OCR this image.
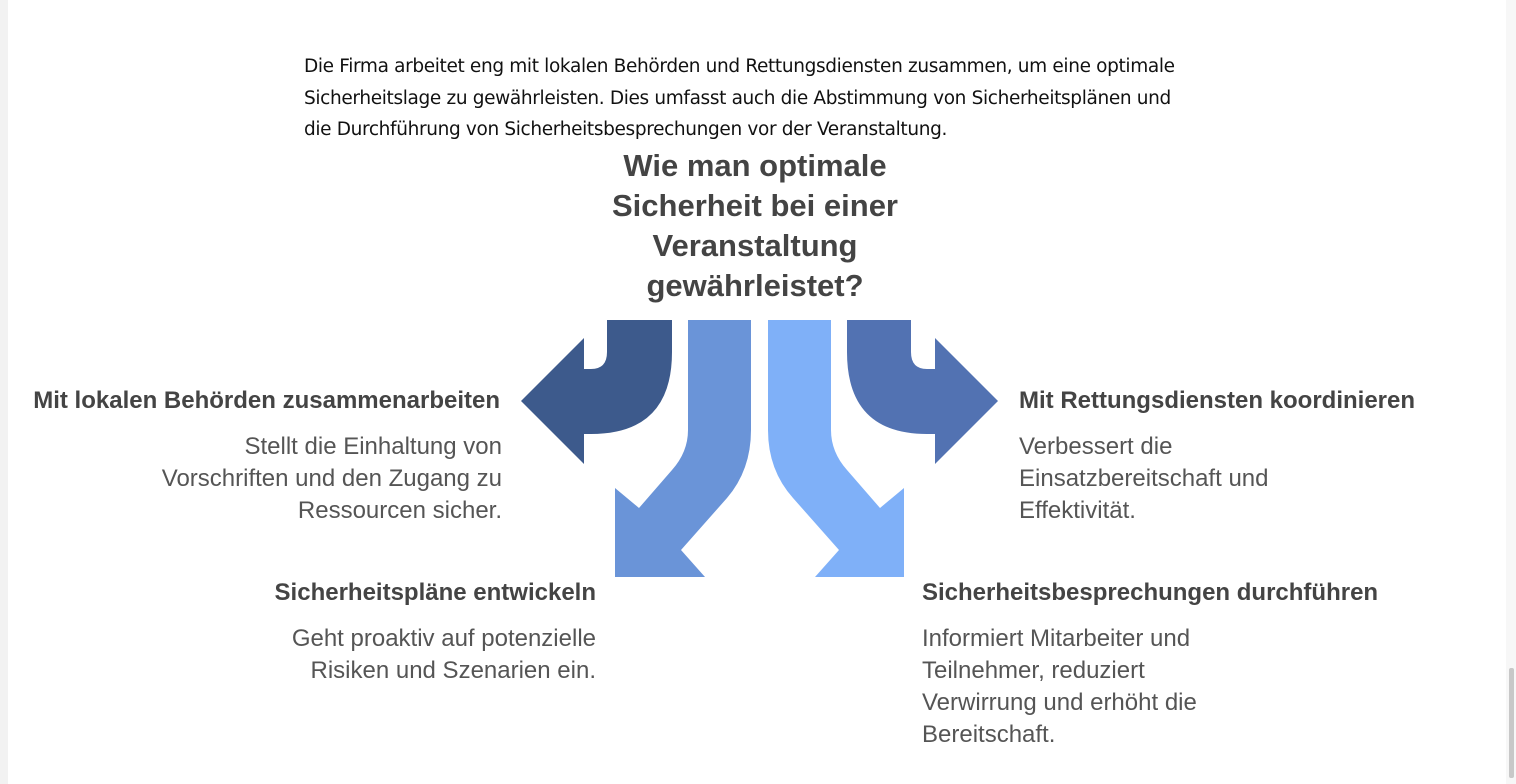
Die Firma arbeitet eng mit lokalen Behörden und Rettungsdiensten zusammen, um eine optimale Sicherheitslage zu gewährleisten. Dies umfasst auch die Abstimmung von Sicherheitsplänen und die Durchführung von Sicherheitsbesprechungen vor der Veranstaltung.

Wie man optimale
Sicherheit bei einer
Veranstaltung
gewährleistet?
Mit lokalen Behörden zusammenarbeiten
Stellt die Einhaltung von Vorschriften und den Zugang zu Ressourcen sicher.
Mit Rettungsdiensten koordinieren
Verbessert die Einsatzbereitschaft und Effektivität.
Sicherheitspläne entwickeln
Geht proaktiv auf potenzielle Risiken und Szenarien ein.
Sicherheitsbesprechungen durchführen
Informiert Mitarbeiter und Teilnehmer, reduziert Verwirrung und erhöht die Bereitschaft.
